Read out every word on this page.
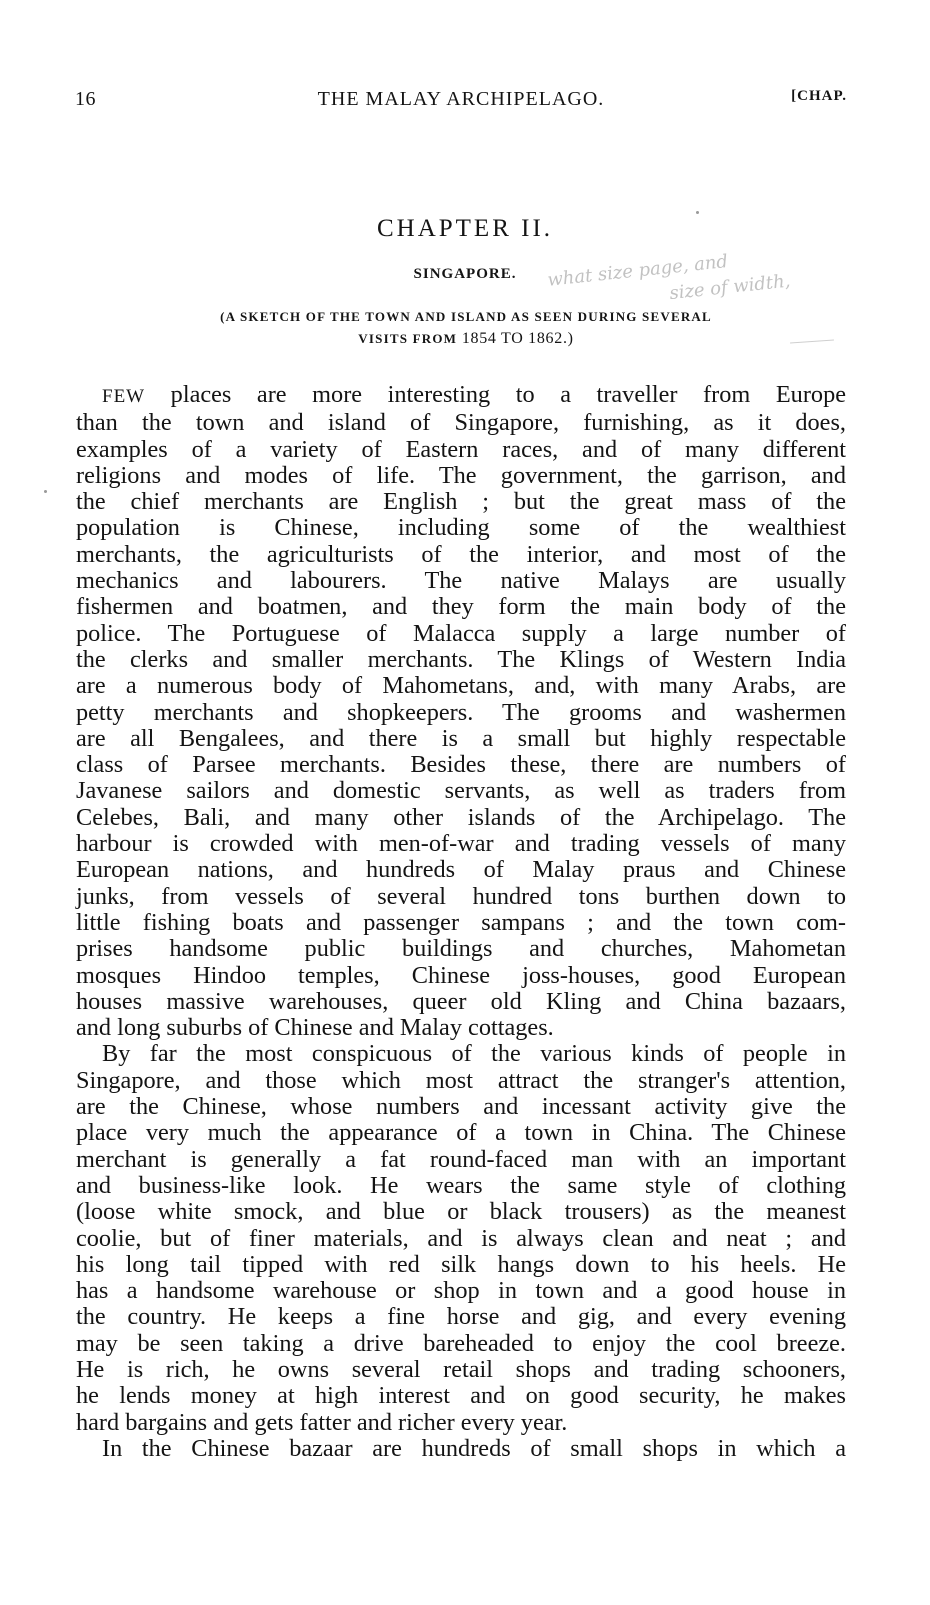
16	THE MALAY ARCHIPELAGO.	[CHAP.
CHAPTER II.
SINGAPORE.
(A SKETCH OF THE TOWN AND ISLAND AS SEEN DURING SEVERAL
VISITS FROM 1854 TO 1862.)
what size page, and
size of width,
FEW places are more interesting to a traveller from Europe
than the town and island of Singapore, furnishing, as it does,
examples of a variety of Eastern races, and of many different
religions and modes of life. The government, the garrison, and
the chief merchants are English ; but the great mass of the
population is Chinese, including some of the wealthiest
merchants, the agriculturists of the interior, and most of the
mechanics and labourers. The native Malays are usually
fishermen and boatmen, and they form the main body of the
police. The Portuguese of Malacca supply a large number of
the clerks and smaller merchants. The Klings of Western India
are a numerous body of Mahometans, and, with many Arabs, are
petty merchants and shopkeepers. The grooms and washermen
are all Bengalees, and there is a small but highly respectable
class of Parsee merchants. Besides these, there are numbers of
Javanese sailors and domestic servants, as well as traders from
Celebes, Bali, and many other islands of the Archipelago. The
harbour is crowded with men-of-war and trading vessels of many
European nations, and hundreds of Malay praus and Chinese
junks, from vessels of several hundred tons burthen down to
little fishing boats and passenger sampans ; and the town com-
prises handsome public buildings and churches, Mahometan
mosques Hindoo temples, Chinese joss-houses, good European
houses massive warehouses, queer old Kling and China bazaars,
and long suburbs of Chinese and Malay cottages.
By far the most conspicuous of the various kinds of people in
Singapore, and those which most attract the stranger's attention,
are the Chinese, whose numbers and incessant activity give the
place very much the appearance of a town in China. The Chinese
merchant is generally a fat round-faced man with an important
and business-like look. He wears the same style of clothing
(loose white smock, and blue or black trousers) as the meanest
coolie, but of finer materials, and is always clean and neat ; and
his long tail tipped with red silk hangs down to his heels. He
has a handsome warehouse or shop in town and a good house in
the country. He keeps a fine horse and gig, and every evening
may be seen taking a drive bareheaded to enjoy the cool breeze.
He is rich, he owns several retail shops and trading schooners,
he lends money at high interest and on good security, he makes
hard bargains and gets fatter and richer every year.
In the Chinese bazaar are hundreds of small shops in which a
